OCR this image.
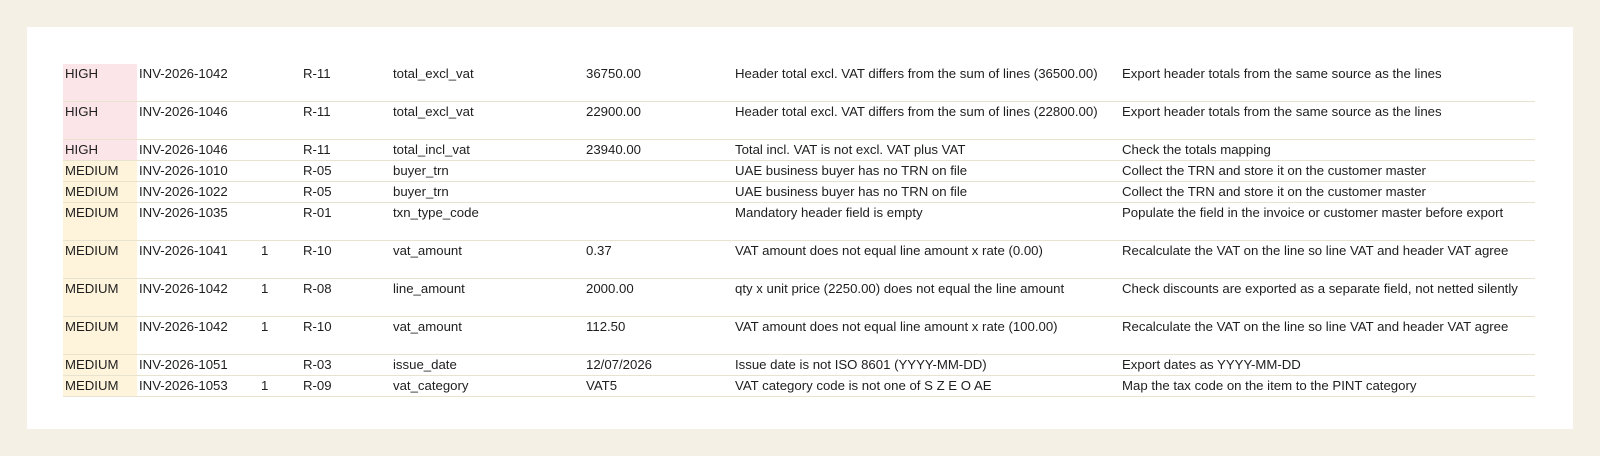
HIGH	INV-2026-1042		R-11	total_excl_vat	36750.00	Header total excl. VAT differs from the sum of lines (36500.00)	Export header totals from the same source as the lines
HIGH	INV-2026-1046		R-11	total_excl_vat	22900.00	Header total excl. VAT differs from the sum of lines (22800.00)	Export header totals from the same source as the lines
HIGH	INV-2026-1046		R-11	total_incl_vat	23940.00	Total incl. VAT is not excl. VAT plus VAT	Check the totals mapping
MEDIUM	INV-2026-1010		R-05	buyer_trn		UAE business buyer has no TRN on file	Collect the TRN and store it on the customer master
MEDIUM	INV-2026-1022		R-05	buyer_trn		UAE business buyer has no TRN on file	Collect the TRN and store it on the customer master
MEDIUM	INV-2026-1035		R-01	txn_type_code		Mandatory header field is empty	Populate the field in the invoice or customer master before export
MEDIUM	INV-2026-1041	1	R-10	vat_amount	0.37	VAT amount does not equal line amount x rate (0.00)	Recalculate the VAT on the line so line VAT and header VAT agree
MEDIUM	INV-2026-1042	1	R-08	line_amount	2000.00	qty x unit price (2250.00) does not equal the line amount	Check discounts are exported as a separate field, not netted silently
MEDIUM	INV-2026-1042	1	R-10	vat_amount	112.50	VAT amount does not equal line amount x rate (100.00)	Recalculate the VAT on the line so line VAT and header VAT agree
MEDIUM	INV-2026-1051		R-03	issue_date	12/07/2026	Issue date is not ISO 8601 (YYYY-MM-DD)	Export dates as YYYY-MM-DD
MEDIUM	INV-2026-1053	1	R-09	vat_category	VAT5	VAT category code is not one of S Z E O AE	Map the tax code on the item to the PINT category
